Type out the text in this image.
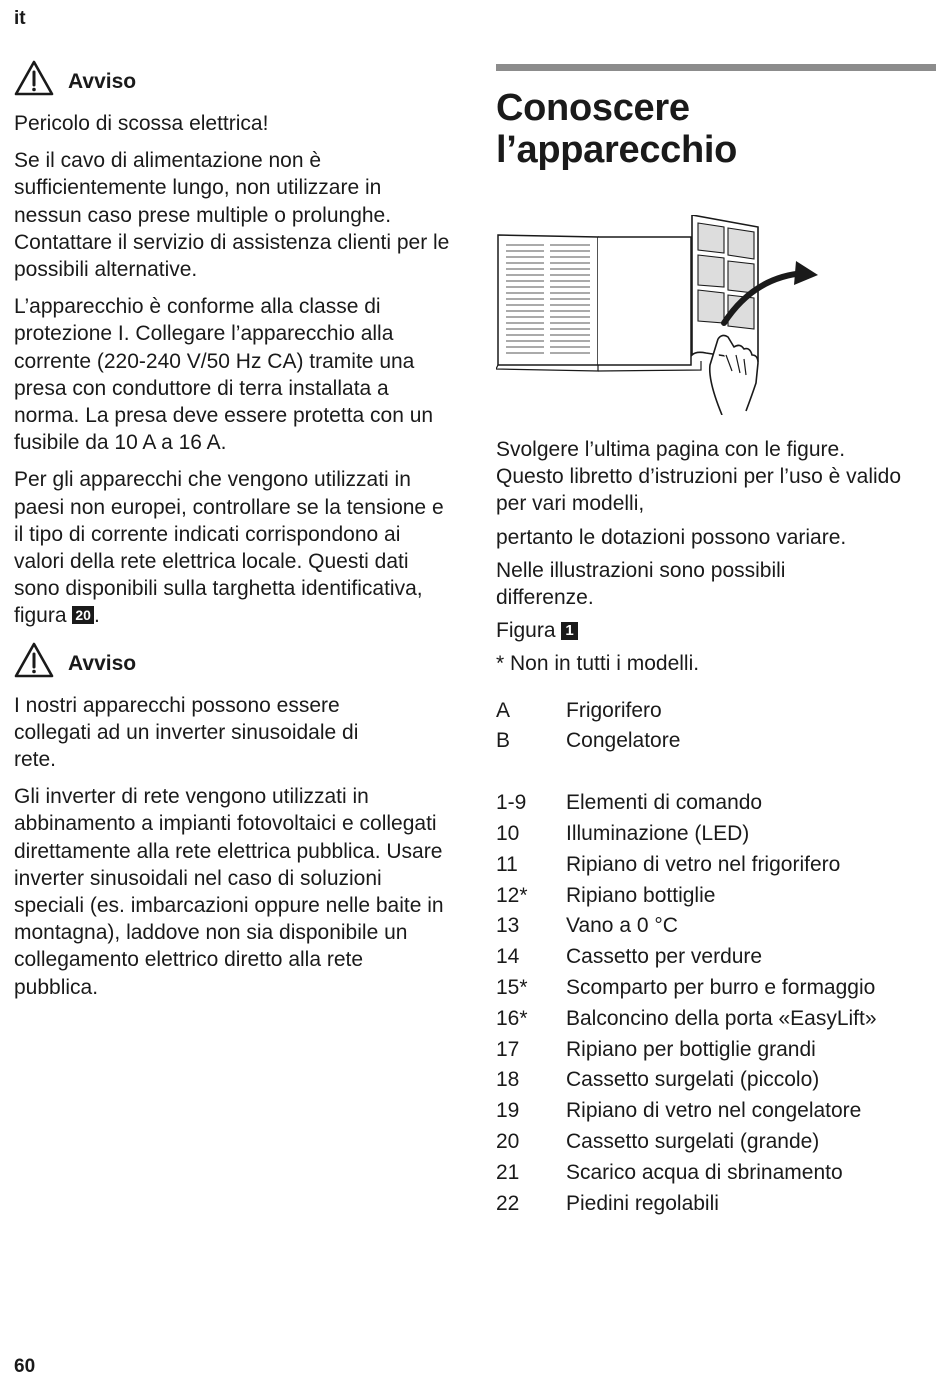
it
Avviso

Pericolo di scossa elettrica!

Se il cavo di alimentazione non è sufficientemente lungo, non utilizzare in nessun caso prese multiple o prolunghe. Contattare il servizio di assistenza clienti per le possibili alternative.

L’apparecchio è conforme alla classe di protezione I. Collegare l’apparecchio alla corrente (220-240 V/50 Hz CA) tramite una presa con conduttore di terra installata a norma. La presa deve essere protetta con un fusibile da 10 A a 16 A.

Per gli apparecchi che vengono utilizzati in paesi non europei, controllare se la tensione e il tipo di corrente indicati corrispondono ai valori della rete elettrica locale. Questi dati sono disponibili sulla targhetta identificativa, figura 20 .

Avviso

I nostri apparecchi possono essere collegati ad un inverter sinusoidale di rete.

Gli inverter di rete vengono utilizzati in abbinamento a impianti fotovoltaici e collegati direttamente alla rete elettrica pubblica. Usare inverter sinusoidali nel caso di soluzioni speciali (es. imbarcazioni oppure nelle baite in montagna), laddove non sia disponibile un collegamento elettrico diretto alla rete pubblica.

Conoscere
l’apparecchio

Svolgere l’ultima pagina con le figure. Questo libretto d’istruzioni per l’uso è valido per vari modelli,

pertanto le dotazioni possono variare.

Nelle illustrazioni sono possibili differenze.

Figura 1

* Non in tutti i modelli.

A	Frigorifero
B	Congelatore
1-9	Elementi di comando
10	Illuminazione (LED)
11	Ripiano di vetro nel frigorifero
12*	Ripiano bottiglie
13	Vano a 0 °C
14	Cassetto per verdure
15*	Scomparto per burro e formaggio
16*	Balconcino della porta «EasyLift»
17	Ripiano per bottiglie grandi
18	Cassetto surgelati (piccolo)
19	Ripiano di vetro nel congelatore
20	Cassetto surgelati (grande)
21	Scarico acqua di sbrinamento
22	Piedini regolabili
60
